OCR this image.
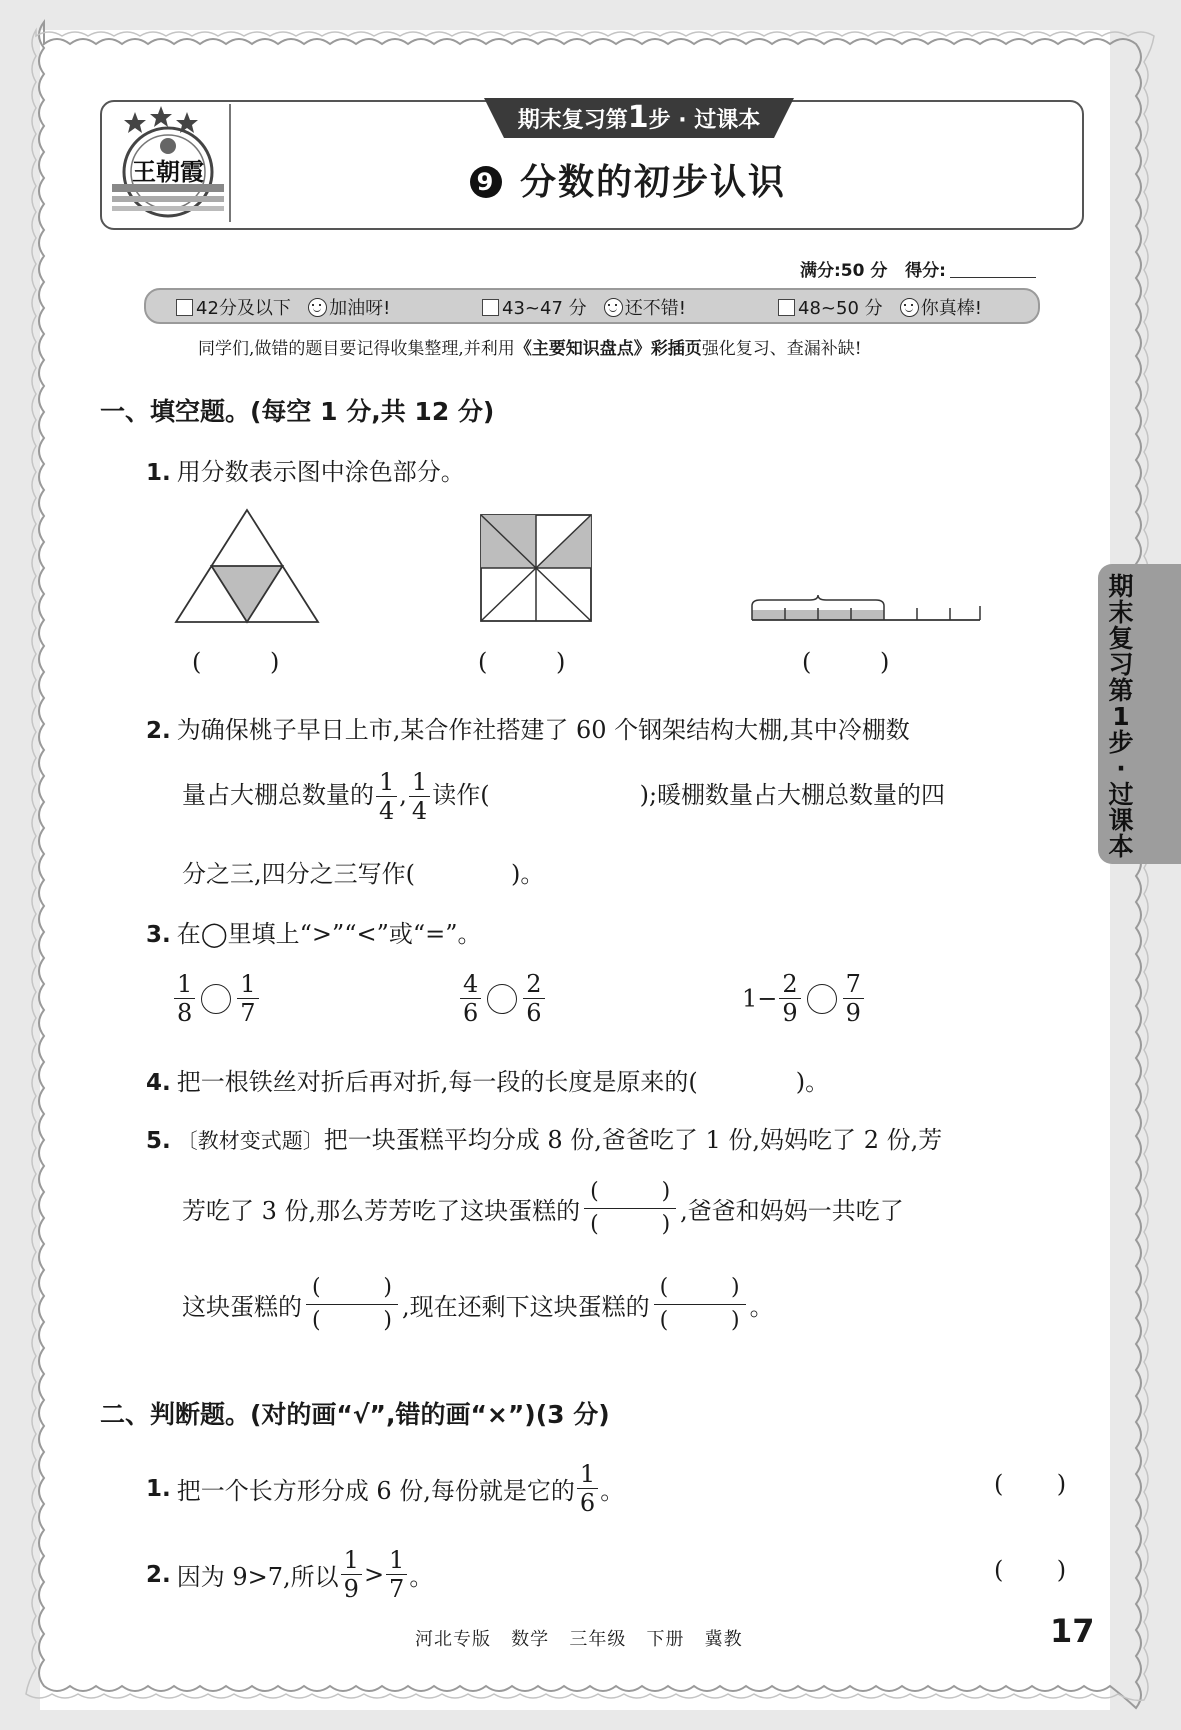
王朝霞
期末复习第1步 · 过课本
9 分数的初步认识
满分:50 分 得分:
42分及以下 加油呀!	43~47 分 还不错!	48~50 分 你真棒!
同学们,做错的题目要记得收集整理,并利用《主要知识盘点》彩插页强化复习、查漏补缺!
一、填空题。(每空 1 分,共 12 分)
1. 用分数表示图中涂色部分。
(         )	(         )	(         )
2. 为确保桃子早日上市,某合作社搭建了 60 个钢架结构大棚,其中冷棚数
量占大棚总数量的 $\frac{1}{4}$ , $\frac{1}{4}$ 读作(	);暖棚数量占大棚总数量的四
分之三,四分之三写作(	)。
3. 在◯里填上“>”“<”或“=”。
$\frac{1}{8} \frac{1}{7}$	$\frac{4}{6} \frac{2}{6}$	$1- \frac{2}{9} \frac{7}{9}$
4. 把一根铁丝对折后再对折,每一段的长度是原来的(	)。
5. 〔教材变式题〕把一块蛋糕平均分成 8 份,爸爸吃了 1 份,妈妈吃了 2 份,芳
芳吃了 3 份,那么芳芳吃了这块蛋糕的
(	)
(	) ,爸爸和妈妈一共吃了
这块蛋糕的
(	)
(	) ,现在还剩下这块蛋糕的
(	)
(	) 。
二、判断题。(对的画“√”,错的画“×”)(3 分)
1. 把一个长方形分成 6 份,每份就是它的 $\frac{1}{6}$ 。	(       )
2. 因为 9>7,所以 $\frac{1}{9} > \frac{1}{7}$ 。	(       )
期末复习第1步·过课本
河北专版   数学   三年级   下册   冀教	17
